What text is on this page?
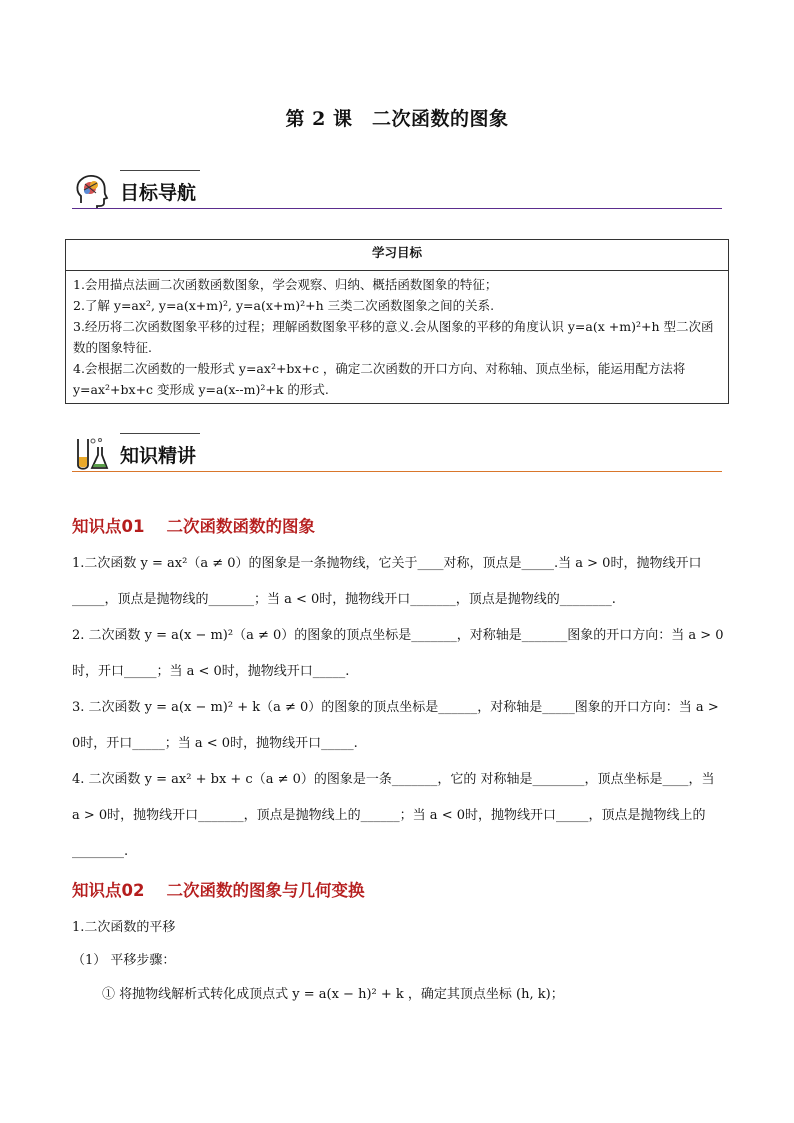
第 2 课　二次函数的图象
目标导航
学习目标

1.会用描点法画二次函数函数图象，学会观察、归纳、概括函数图象的特征；
2.了解 y=ax², y=a(x+m)², y=a(x+m)²+h 三类二次函数图象之间的关系.
3.经历将二次函数图象平移的过程；理解函数图象平移的意义.会从图象的平移的角度认识 y=a(x +m)²+h 型二次函数的图象特征.
4.会根据二次函数的一般形式 y=ax²+bx+c ，确定二次函数的开口方向、对称轴、顶点坐标，能运用配方法将 y=ax²+bx+c 变形成 y=a(x--m)²+k 的形式.
知识精讲
知识点01 二次函数函数的图象

1.二次函数 y = ax²（a ≠ 0）的图象是一条抛物线，它关于____对称，顶点是_____.当 a > 0时，抛物线开口_____，顶点是抛物线的_______；当 a < 0时，抛物线开口_______，顶点是抛物线的________.

2. 二次函数 y = a(x − m)²（a ≠ 0）的图象的顶点坐标是_______，对称轴是_______图象的开口方向：当 a > 0时，开口_____；当 a < 0时，抛物线开口_____.

3. 二次函数 y = a(x − m)² + k（a ≠ 0）的图象的顶点坐标是______，对称轴是_____图象的开口方向：当 a > 0时，开口_____；当 a < 0时，抛物线开口_____.

4. 二次函数 y = ax² + bx + c（a ≠ 0）的图象是一条_______，它的 对称轴是________，顶点坐标是____，当 a > 0时，抛物线开口_______，顶点是抛物线上的______；当 a < 0时，抛物线开口_____，顶点是抛物线上的________.

知识点02 二次函数的图象与几何变换
1.二次函数的平移
（1） 平移步骤：
① 将抛物线解析式转化成顶点式 y = a(x − h)² + k ，确定其顶点坐标 (h, k)；
